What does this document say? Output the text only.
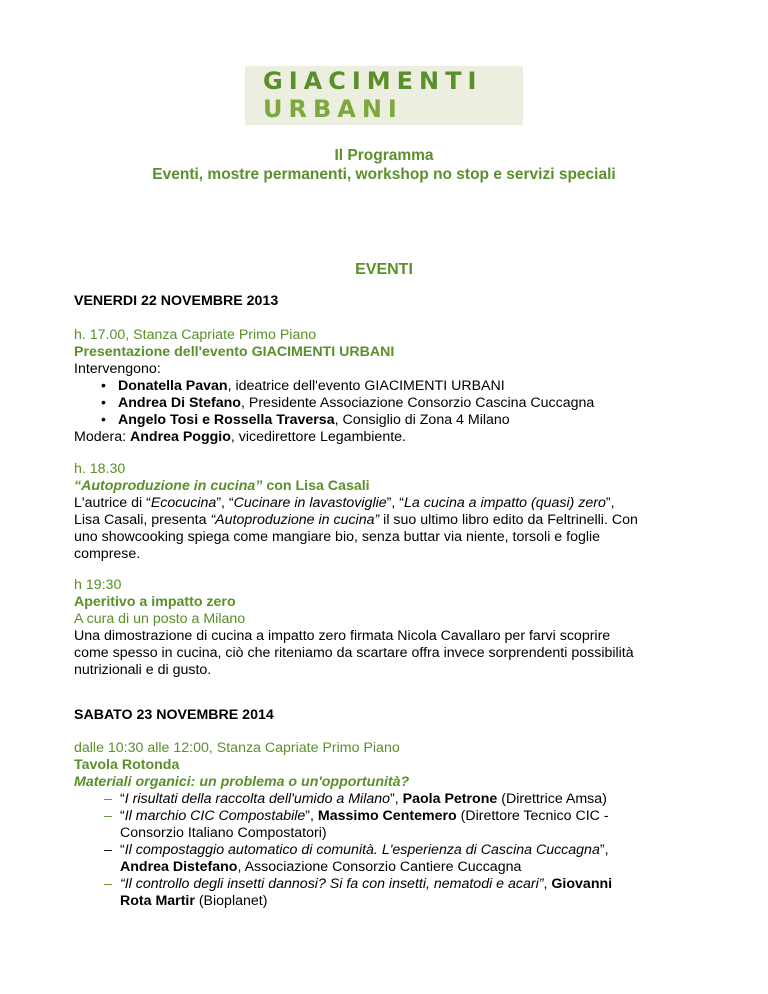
GIACIMENTI
URBANI
Il Programma
Eventi, mostre permanenti, workshop no stop e servizi speciali
EVENTI
VENERDI 22 NOVEMBRE 2013
h. 17.00, Stanza Capriate Primo Piano
Presentazione dell'evento GIACIMENTI URBANI
Intervengono:
• Donatella Pavan, ideatrice dell'evento GIACIMENTI URBANI
• Andrea Di Stefano, Presidente Associazione Consorzio Cascina Cuccagna
• Angelo Tosi e Rossella Traversa, Consiglio di Zona 4 Milano
Modera: Andrea Poggio, vicedirettore Legambiente.
h. 18.30
“Autoproduzione in cucina” con Lisa Casali
L'autrice di “Ecocucina”, “Cucinare in lavastoviglie”, “La cucina a impatto (quasi) zero”,
Lisa Casali, presenta “Autoproduzione in cucina” il suo ultimo libro edito da Feltrinelli. Con
uno showcooking spiega come mangiare bio, senza buttar via niente, torsoli e foglie
comprese.
h 19:30
Aperitivo a impatto zero
A cura di un posto a Milano
Una dimostrazione di cucina a impatto zero firmata Nicola Cavallaro per farvi scoprire
come spesso in cucina, ciò che riteniamo da scartare offra invece sorprendenti possibilità
nutrizionali e di gusto.
SABATO 23 NOVEMBRE 2014
dalle 10:30 alle 12:00, Stanza Capriate Primo Piano
Tavola Rotonda
Materiali organici: un problema o un'opportunità?
– “I risultati della raccolta dell'umido a Milano”, Paola Petrone (Direttrice Amsa)
– “Il marchio CIC Compostabile”, Massimo Centemero (Direttore Tecnico CIC -
Consorzio Italiano Compostatori)
– “Il compostaggio automatico di comunità. L'esperienza di Cascina Cuccagna”,
Andrea Distefano, Associazione Consorzio Cantiere Cuccagna
– “Il controllo degli insetti dannosi? Si fa con insetti, nematodi e acari”, Giovanni
Rota Martir (Bioplanet)
